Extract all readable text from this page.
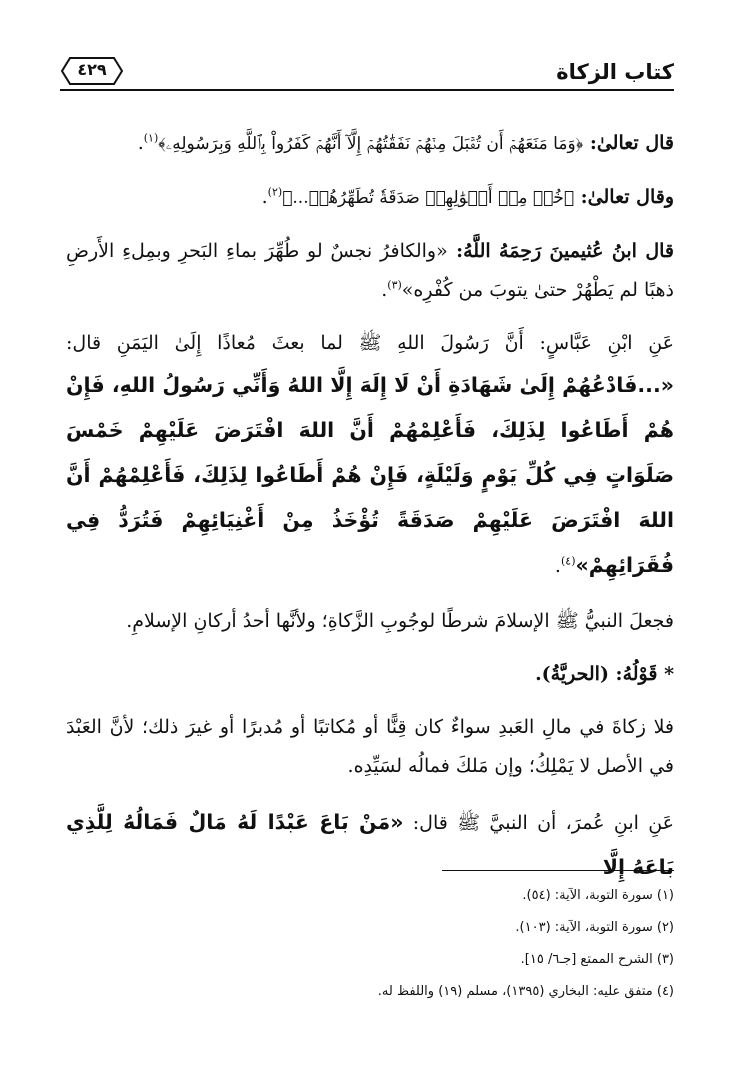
كتاب الزكاة
٤٢٩

قال تعالىٰ: ﴿وَمَا مَنَعَهُمۡ أَن تُقۡبَلَ مِنۡهُمۡ نَفَقَٰتُهُمۡ إِلَّآ أَنَّهُمۡ كَفَرُواْ بِٱللَّهِ وَبِرَسُولِهِۦ﴾$^{(١)}$.

وقال تعالىٰ: ﴿خُذۡ مِنۡ أَمۡوَٰلِهِمۡ صَدَقَةٗ تُطَهِّرُهُمۡ...﴾$^{(٢)}$.

قال ابنُ عُثيمينَ رَحِمَهُ اللَّهُ: «والكافرُ نجسٌ لو طُهِّرَ بماءِ البَحرِ وبمِلءِ الأَرضِ ذهبًا لم يَطْهُرْ حتىٰ يتوبَ من كُفْرِه»$^{(٣)}$.

عَنِ ابْنِ عَبَّاسٍ: أَنَّ رَسُولَ اللهِ ﷺ لما بعثَ مُعاذًا إِلَىٰ اليَمَنِ قال: «...فَادْعُهُمْ إِلَىٰ شَهَادَةِ أَنْ لَا إِلَهَ إِلَّا اللهُ وَأَنِّي رَسُولُ اللهِ، فَإِنْ هُمْ أَطَاعُوا لِذَلِكَ، فَأَعْلِمْهُمْ أَنَّ اللهَ افْتَرَضَ عَلَيْهِمْ خَمْسَ صَلَوَاتٍ فِي كُلِّ يَوْمٍ وَلَيْلَةٍ، فَإِنْ هُمْ أَطَاعُوا لِذَلِكَ، فَأَعْلِمْهُمْ أَنَّ اللهَ افْتَرَضَ عَلَيْهِمْ صَدَقَةً تُؤْخَذُ مِنْ أَغْنِيَائِهِمْ فَتُرَدُّ فِي فُقَرَائِهِمْ»$^{(٤)}$.

فجعلَ النبيُّ ﷺ الإسلامَ شرطًا لوجُوبِ الزَّكاةِ؛ ولأنَّها أحدُ أركانِ الإسلامِ.

* قَوْلُهُ: (الحريَّةُ).

فلا زكاةَ في مالِ العَبدِ سواءٌ كان قِنًّا أو مُكاتبًا أو مُدبرًا أو غيرَ ذلك؛ لأنَّ العَبْدَ في الأصل لا يَمْلِكُ؛ وإن مَلكَ فمالُه لسَيِّدِه.

عَنِ ابنِ عُمرَ، أن النبيَّ ﷺ قال: «مَنْ بَاعَ عَبْدًا لَهُ مَالٌ فَمَالُهُ لِلَّذِي بَاعَهُ إِلَّا

(١) سورة التوبة، الآية: (٥٤).

(٢) سورة التوبة، الآية: (١٠٣).

(٣) الشرح الممتع [جـ٦/ ١٥].

(٤) متفق عليه: البخاري (١٣٩٥)، مسلم (١٩) واللفظ له.
